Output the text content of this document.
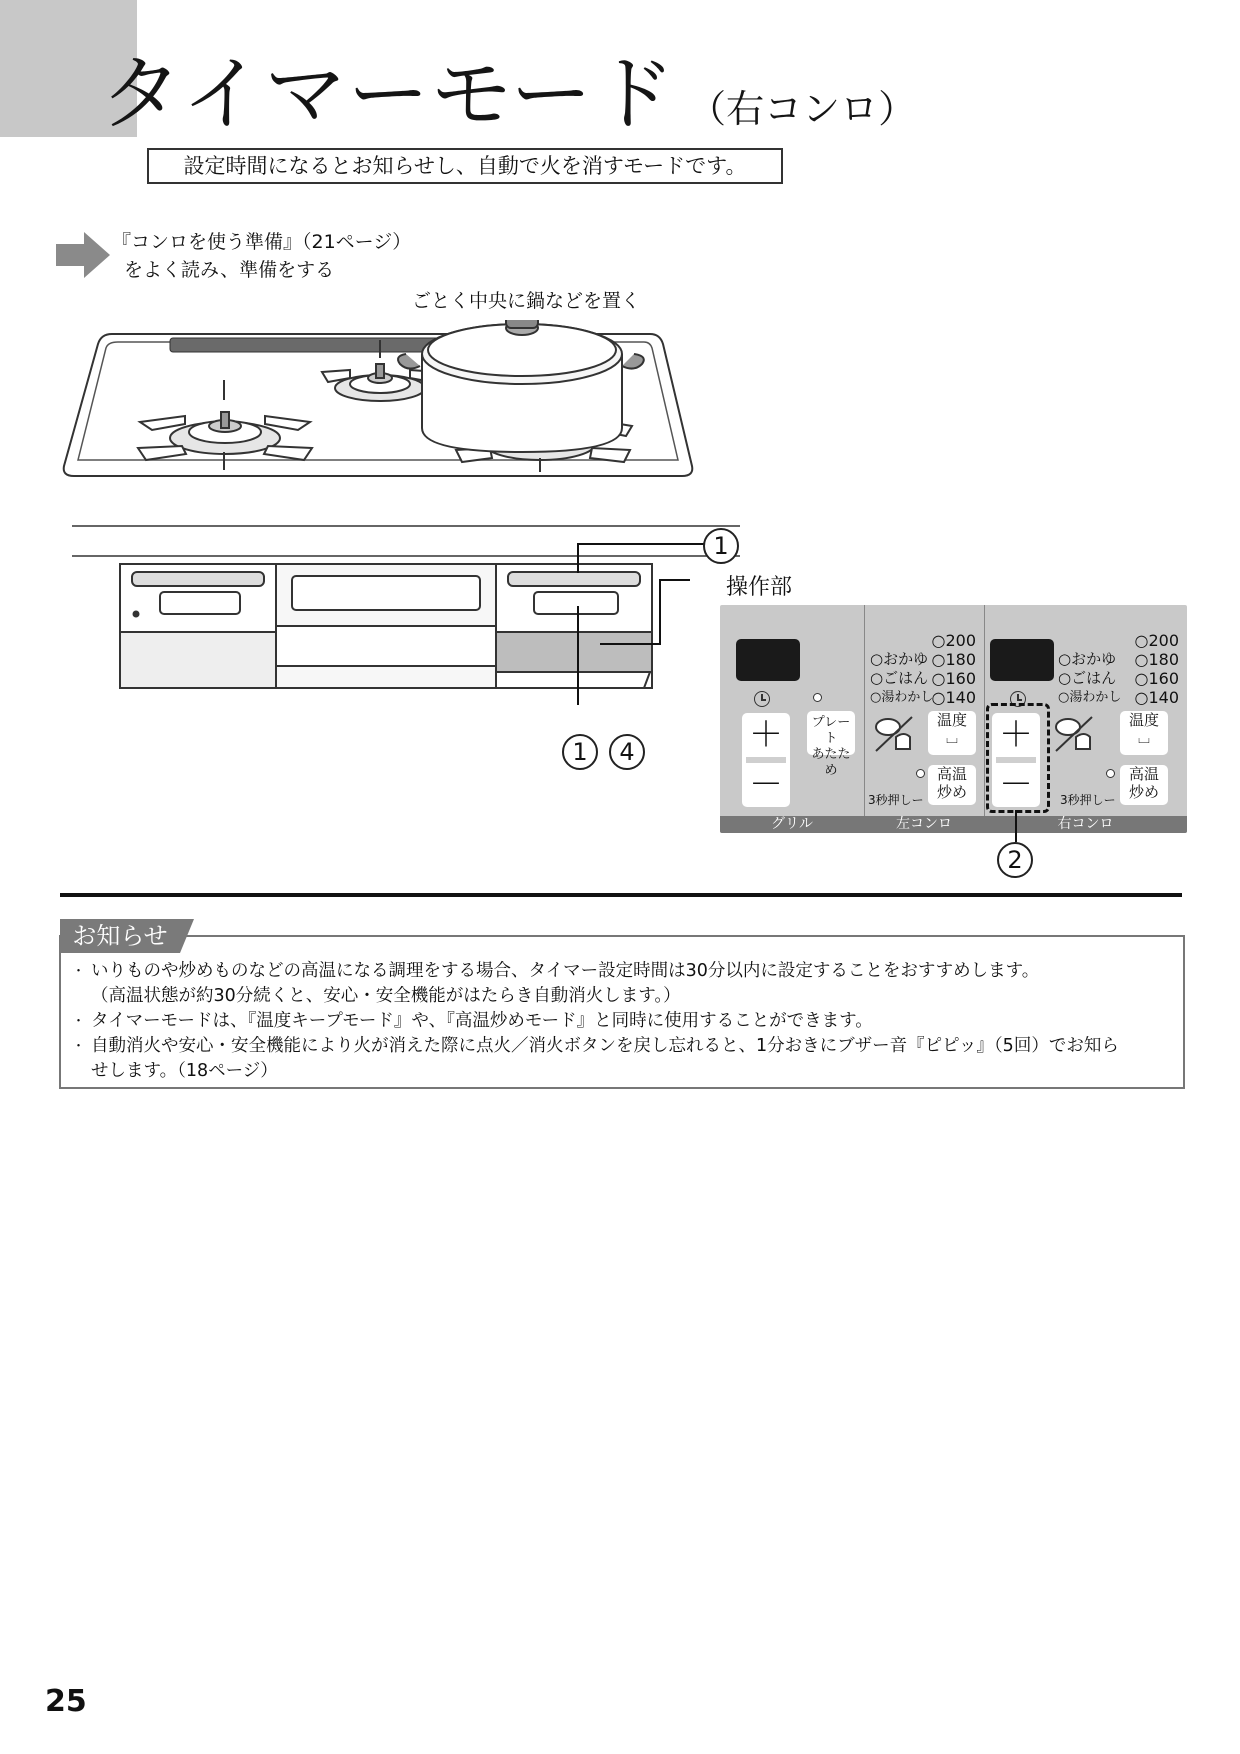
タイマーモード （右コンロ）
設定時間になるとお知らせし、自動で火を消すモードです。
『コンロを使う準備』（21ページ）
をよく読み、準備をする
ごとく中央に鍋などを置く
操作部
1
1	4	＋
－
プレート
あたため
○200
○180
○160
○140
○おかゆ
○ごはん
○湯わかし
温度
⌴
高温
炒め
3秒押しー
○200
○180
○160
○140
○おかゆ
○ごはん
○湯わかし
＋
－
温度
⌴
高温
炒め
3秒押しー
グリル	左コンロ	右コンロ
2
お知らせ
・ いりものや炒めものなどの高温になる調理をする場合、タイマー設定時間は30分以内に設定することをおすすめします。
（高温状態が約30分続くと、安心・安全機能がはたらき自動消火します。）
・ タイマーモードは、『温度キープモード』や、『高温炒めモード』と同時に使用することができます。
・ 自動消火や安心・安全機能により火が消えた際に点火／消火ボタンを戻し忘れると、1分おきにブザー音『ピピッ』（5回）でお知ら
せします。（18ページ）
25
